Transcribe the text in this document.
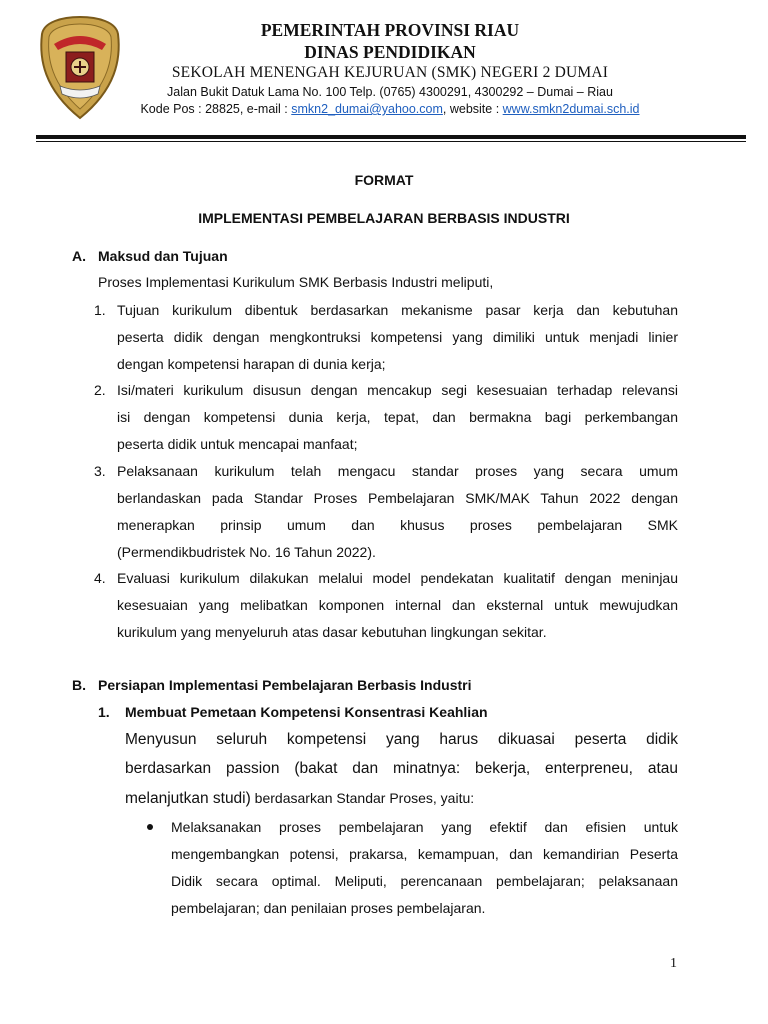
PEMERINTAH PROVINSI RIAU
DINAS PENDIDIKAN
SEKOLAH MENENGAH KEJURUAN (SMK) NEGERI 2 DUMAI
Jalan Bukit Datuk Lama No. 100 Telp. (0765) 4300291, 4300292 – Dumai – Riau
Kode Pos : 28825, e-mail : smkn2_dumai@yahoo.com, website : www.smkn2dumai.sch.id
FORMAT
IMPLEMENTASI PEMBELAJARAN BERBASIS INDUSTRI
A. Maksud dan Tujuan
Proses Implementasi Kurikulum SMK Berbasis Industri meliputi,
1. Tujuan kurikulum dibentuk berdasarkan mekanisme pasar kerja dan kebutuhan
peserta didik dengan mengkontruksi kompetensi yang dimiliki untuk menjadi linier
dengan kompetensi harapan di dunia kerja;
2. Isi/materi kurikulum disusun dengan mencakup segi kesesuaian terhadap relevansi
isi dengan kompetensi dunia kerja, tepat, dan bermakna bagi perkembangan
peserta didik untuk mencapai manfaat;
3. Pelaksanaan kurikulum telah mengacu standar proses yang secara umum
berlandaskan pada Standar Proses Pembelajaran SMK/MAK Tahun 2022 dengan
menerapkan prinsip umum dan khusus proses pembelajaran SMK
(Permendikbudristek No. 16 Tahun 2022).
4. Evaluasi kurikulum dilakukan melalui model pendekatan kualitatif dengan meninjau
kesesuaian yang melibatkan komponen internal dan eksternal untuk mewujudkan
kurikulum yang menyeluruh atas dasar kebutuhan lingkungan sekitar.
B. Persiapan Implementasi Pembelajaran Berbasis Industri
1. Membuat Pemetaan Kompetensi Konsentrasi Keahlian
Menyusun seluruh kompetensi yang harus dikuasai peserta didik
berdasarkan passion (bakat dan minatnya: bekerja, enterpreneu, atau
melanjutkan studi) berdasarkan Standar Proses, yaitu:
Melaksanakan proses pembelajaran yang efektif dan efisien untuk
mengembangkan potensi, prakarsa, kemampuan, dan kemandirian Peserta
Didik secara optimal. Meliputi, perencanaan pembelajaran; pelaksanaan
pembelajaran; dan penilaian proses pembelajaran.
1
